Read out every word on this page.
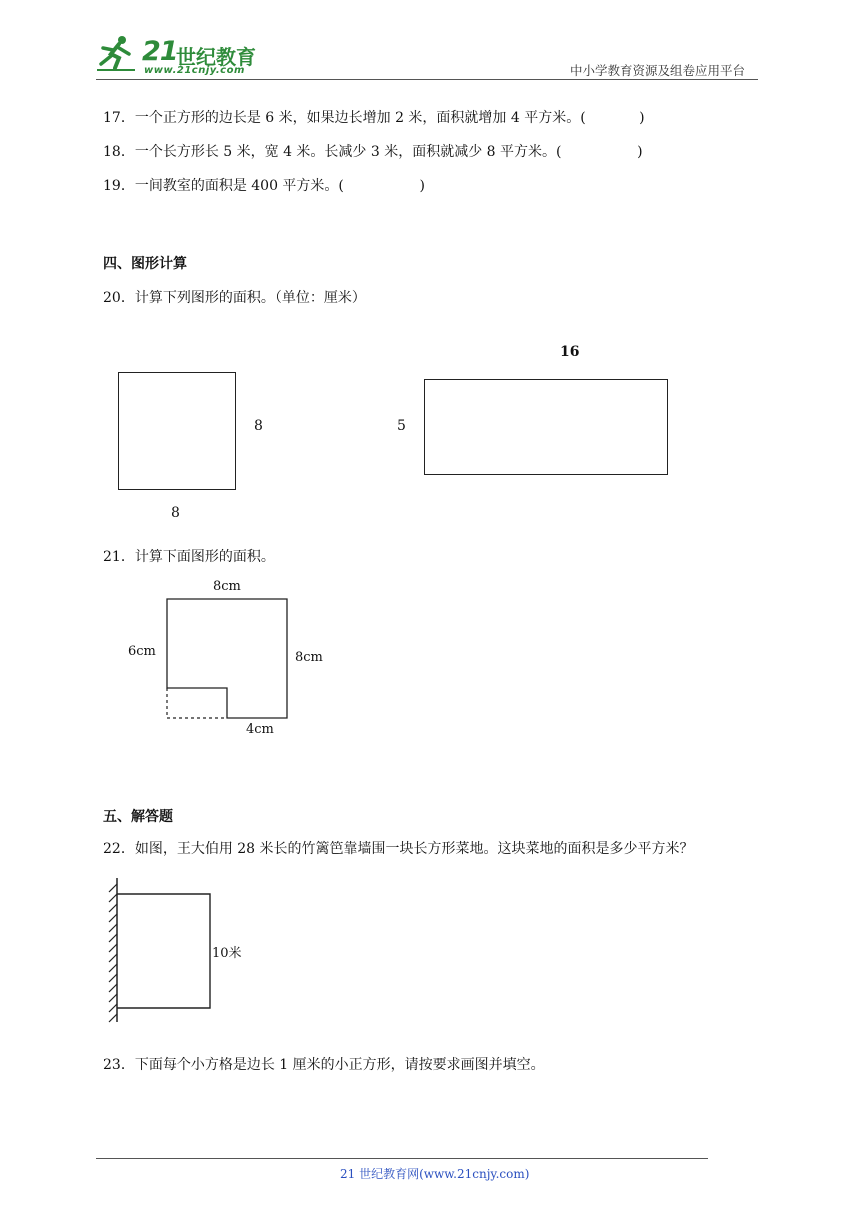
21
世纪教育
www.21cnjy.com	中小学教育资源及组卷应用平台
17．一个正方形的边长是 6 米，如果边长增加 2 米，面积就增加 4 平方米。(            )
18．一个长方形长 5 米，宽 4 米。长减少 3 米，面积就减少 8 平方米。(                 )
19．一间教室的面积是 400 平方米。(                 )
四、图形计算
20．计算下列图形的面积。（单位：厘米）
8
8
16
5
21．计算下面图形的面积。
8cm
6cm	8cm
4cm
五、解答题
22．如图，王大伯用 28 米长的竹篱笆靠墙围一块长方形菜地。这块菜地的面积是多少平方米？
10米
23．下面每个小方格是边长 1 厘米的小正方形，请按要求画图并填空。
21 世纪教育网(www.21cnjy.com)
